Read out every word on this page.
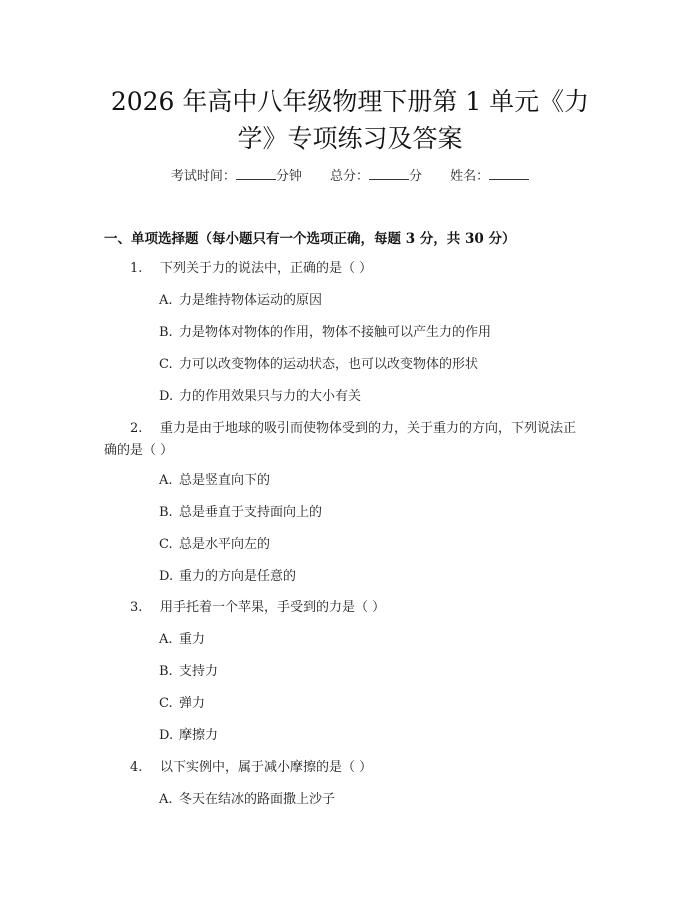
2026 年高中八年级物理下册第 1 单元《力
学》专项练习及答案
考试时间：	分钟 总分：	分 姓名：
一、单项选择题（每小题只有一个选项正确，每题 3 分，共 30 分）
1. 下列关于力的说法中，正确的是（ ）
A. 力是维持物体运动的原因
B. 力是物体对物体的作用，物体不接触可以产生力的作用
C. 力可以改变物体的运动状态，也可以改变物体的形状
D. 力的作用效果只与力的大小有关
2. 重力是由于地球的吸引而使物体受到的力，关于重力的方向，下列说法正
确的是（ ）
A. 总是竖直向下的
B. 总是垂直于支持面向上的
C. 总是水平向左的
D. 重力的方向是任意的
3. 用手托着一个苹果，手受到的力是（ ）
A. 重力
B. 支持力
C. 弹力
D. 摩擦力
4. 以下实例中，属于减小摩擦的是（ ）
A. 冬天在结冰的路面撒上沙子
